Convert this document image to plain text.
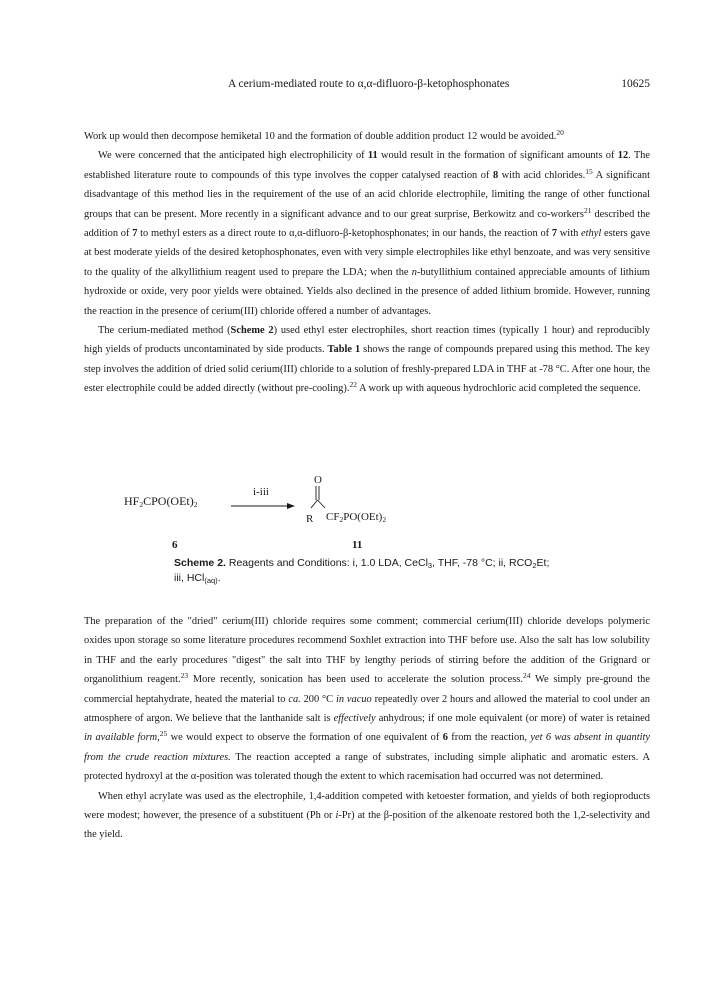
A cerium-mediated route to α,α-difluoro-β-ketophosphonates	10625

Work up would then decompose hemiketal 10 and the formation of double addition product 12 would be avoided.$^{20}$

We were concerned that the anticipated high electrophilicity of 11 would result in the formation of significant amounts of 12. The established literature route to compounds of this type involves the copper catalysed reaction of 8 with acid chlorides.$^{15}$ A significant disadvantage of this method lies in the requirement of the use of an acid chloride electrophile, limiting the range of other functional groups that can be present. More recently in a significant advance and to our great surprise, Berkowitz and co-workers$^{21}$ described the addition of 7 to methyl esters as a direct route to α,α-difluoro-β-ketophosphonates; in our hands, the reaction of 7 with ethyl esters gave at best moderate yields of the desired ketophosphonates, even with very simple electrophiles like ethyl benzoate, and was very sensitive to the quality of the alkyllithium reagent used to prepare the LDA; when the n-butyllithium contained appreciable amounts of lithium hydroxide or oxide, very poor yields were obtained. Yields also declined in the presence of added lithium bromide. However, running the reaction in the presence of cerium(III) chloride offered a number of advantages.

The cerium-mediated method (Scheme 2) used ethyl ester electrophiles, short reaction times (typically 1 hour) and reproducibly high yields of products uncontaminated by side products. Table 1 shows the range of compounds prepared using this method. The key step involves the addition of dried solid cerium(III) chloride to a solution of freshly-prepared LDA in THF at -78 °C. After one hour, the ester electrophile could be added directly (without pre-cooling).$^{22}$ A work up with aqueous hydrochloric acid completed the sequence.

$HF_2CPO(OEt)_2$
i-iii
O
R $CF_2PO(OEt)_2$
6	11
Scheme 2. Reagents and Conditions: i, 1.0 LDA, CeCl$_3$, THF, -78 °C; ii, $RCO_2Et$; iii, HCl$_{(aq)}$.

The preparation of the "dried" cerium(III) chloride requires some comment; commercial cerium(III) chloride develops polymeric oxides upon storage so some literature procedures recommend Soxhlet extraction into THF before use. Also the salt has low solubility in THF and the early procedures "digest" the salt into THF by lengthy periods of stirring before the addition of the Grignard or organolithium reagent.$^{23}$ More recently, sonication has been used to accelerate the solution process.$^{24}$ We simply pre-ground the commercial heptahydrate, heated the material to ca. 200 °C in vacuo repeatedly over 2 hours and allowed the material to cool under an atmosphere of argon. We believe that the lanthanide salt is effectively anhydrous; if one mole equivalent (or more) of water is retained in available form,$^{25}$ we would expect to observe the formation of one equivalent of 6 from the reaction, yet 6 was absent in quantity from the crude reaction mixtures. The reaction accepted a range of substrates, including simple aliphatic and aromatic esters. A protected hydroxyl at the α-position was tolerated though the extent to which racemisation had occurred was not determined.

When ethyl acrylate was used as the electrophile, 1,4-addition competed with ketoester formation, and yields of both regioproducts were modest; however, the presence of a substituent (Ph or i-Pr) at the β-position of the alkenoate restored both the 1,2-selectivity and the yield.
